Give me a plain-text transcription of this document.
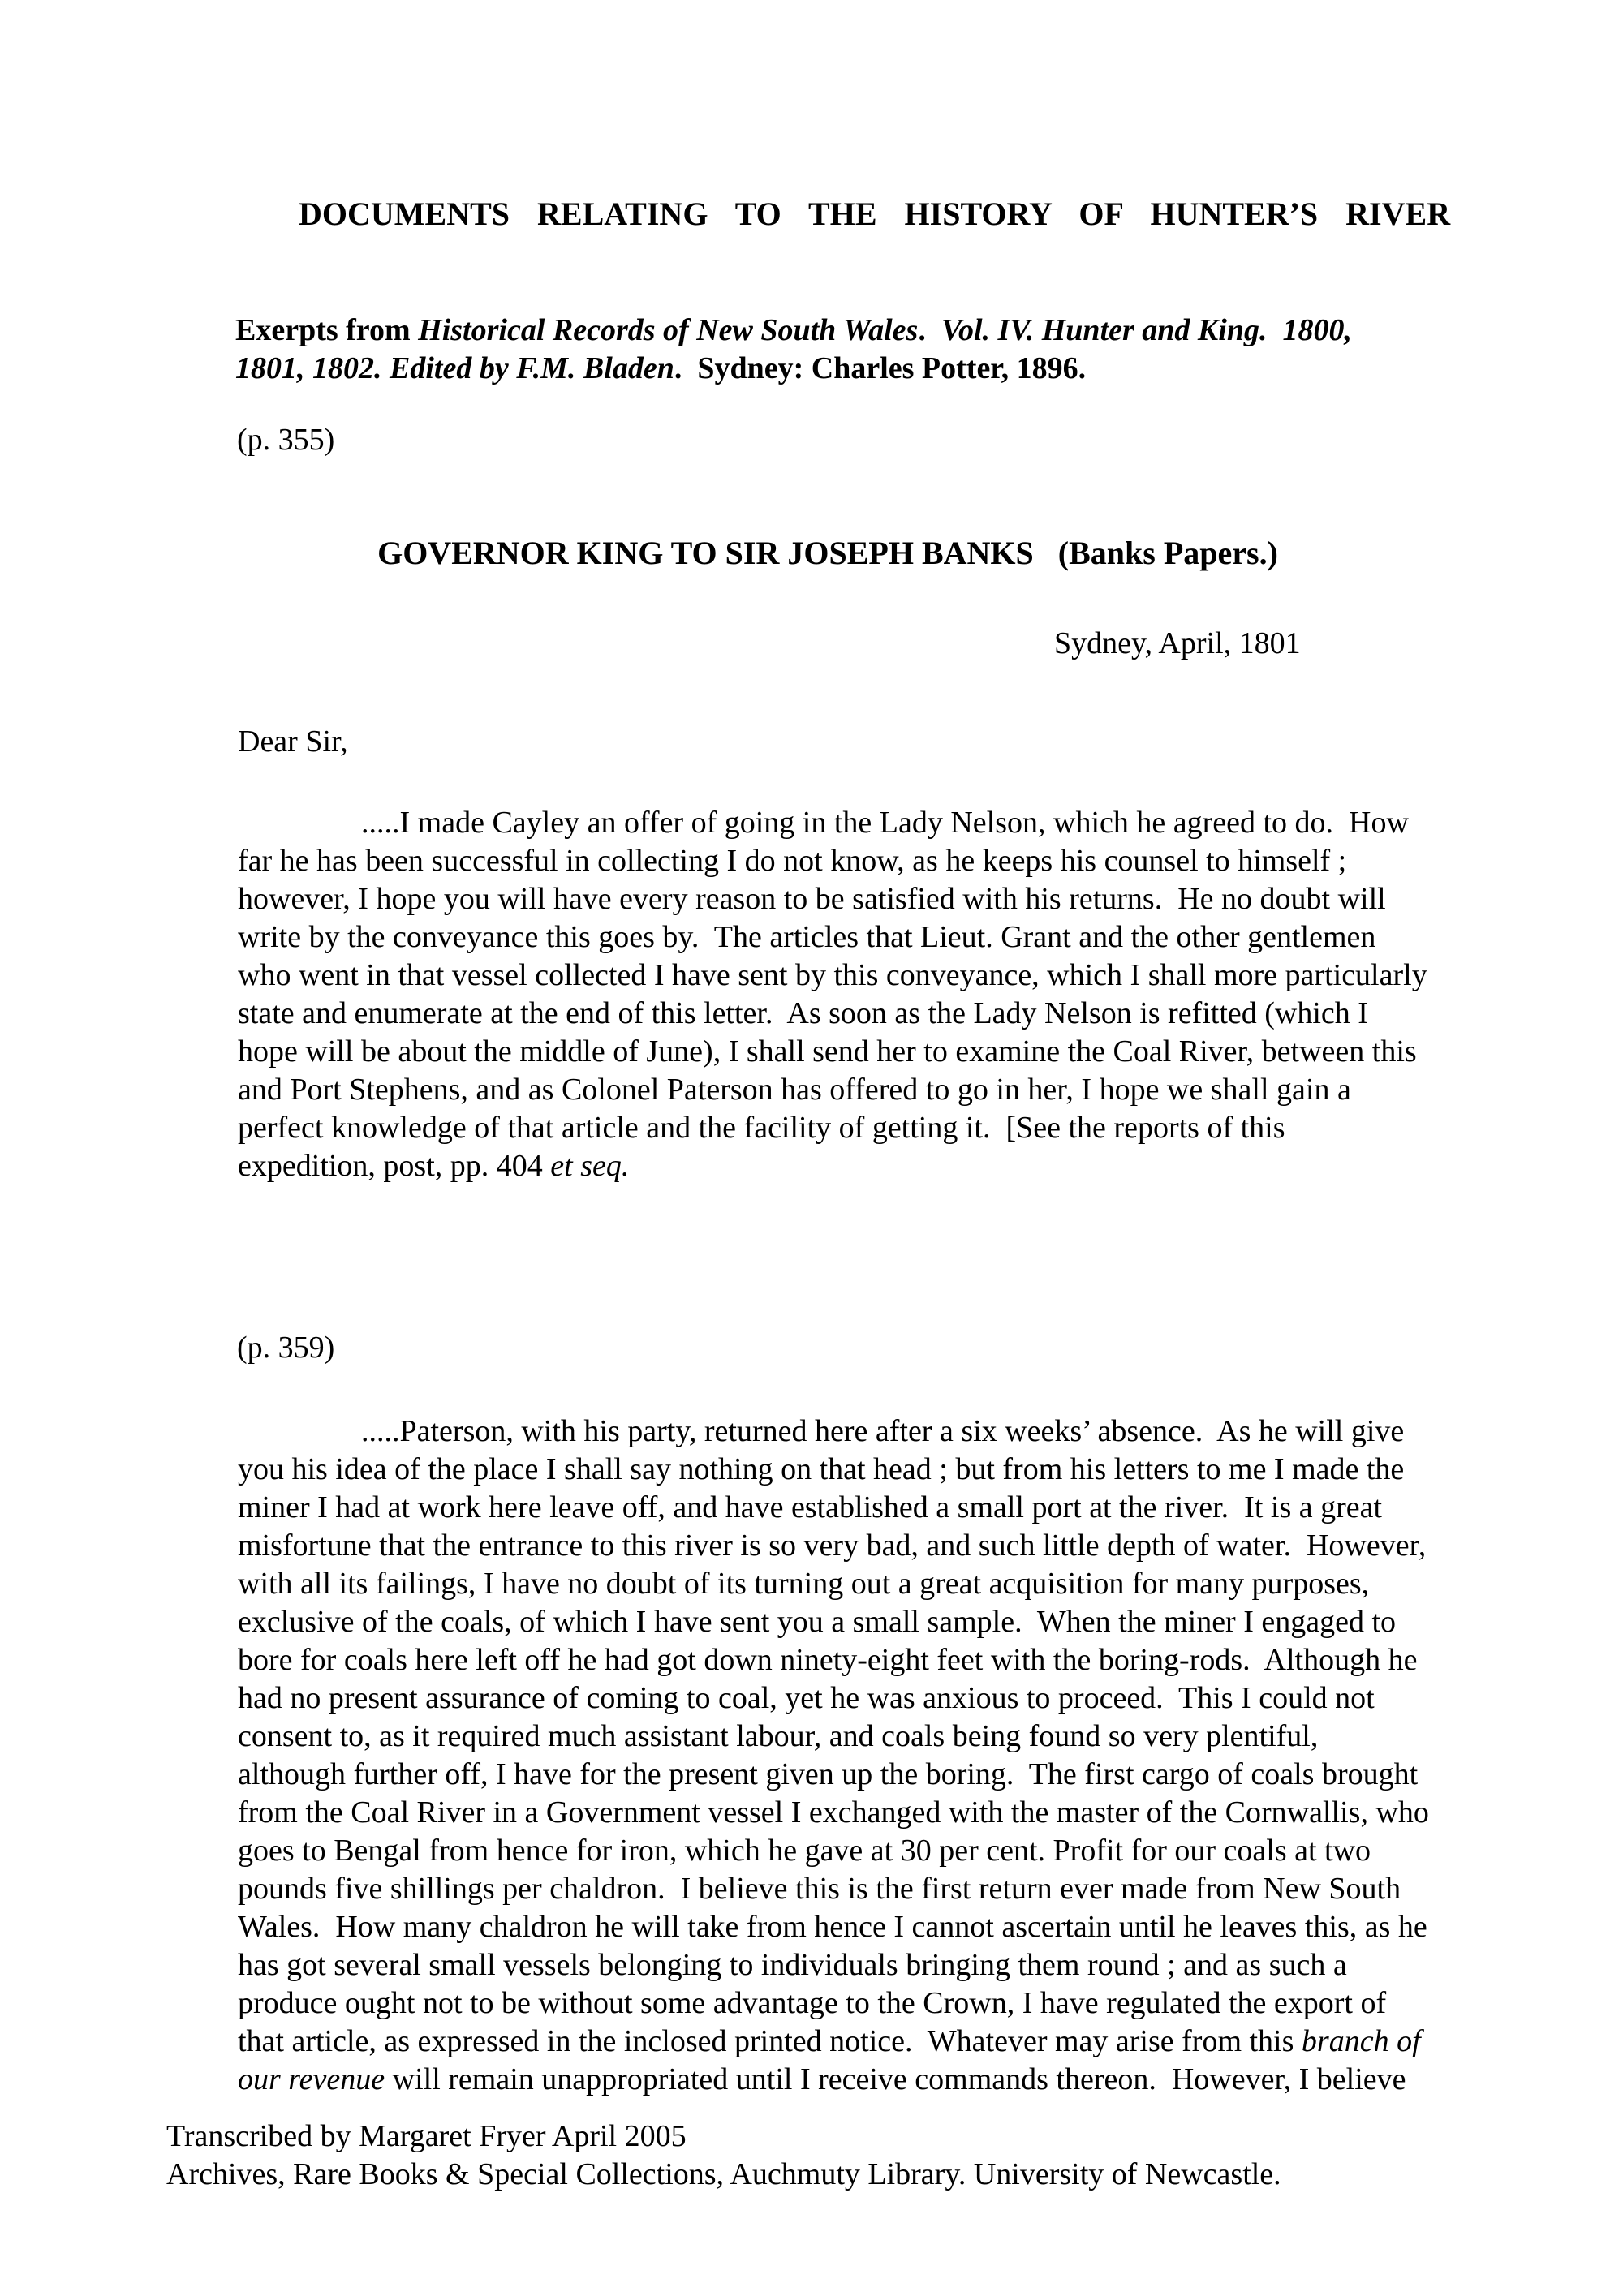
DOCUMENTS  RELATING  TO  THE  HISTORY  OF  HUNTER’S  RIVER
Exerpts from Historical Records of New South Wales.  Vol. IV. Hunter and King.  1800,
1801, 1802. Edited by F.M. Bladen.  Sydney: Charles Potter, 1896.
(p. 355)
GOVERNOR KING TO SIR JOSEPH BANKS   (Banks Papers.)
Sydney, April, 1801
Dear Sir,
.....I made Cayley an offer of going in the Lady Nelson, which he agreed to do.  How
far he has been successful in collecting I do not know, as he keeps his counsel to himself ;
however, I hope you will have every reason to be satisfied with his returns.  He no doubt will
write by the conveyance this goes by.  The articles that Lieut. Grant and the other gentlemen
who went in that vessel collected I have sent by this conveyance, which I shall more particularly
state and enumerate at the end of this letter.  As soon as the Lady Nelson is refitted (which I
hope will be about the middle of June), I shall send her to examine the Coal River, between this
and Port Stephens, and as Colonel Paterson has offered to go in her, I hope we shall gain a
perfect knowledge of that article and the facility of getting it.  [See the reports of this
expedition, post, pp. 404 et seq.
(p. 359)
.....Paterson, with his party, returned here after a six weeks’ absence.  As he will give
you his idea of the place I shall say nothing on that head ; but from his letters to me I made the
miner I had at work here leave off, and have established a small port at the river.  It is a great
misfortune that the entrance to this river is so very bad, and such little depth of water.  However,
with all its failings, I have no doubt of its turning out a great acquisition for many purposes,
exclusive of the coals, of which I have sent you a small sample.  When the miner I engaged to
bore for coals here left off he had got down ninety-eight feet with the boring-rods.  Although he
had no present assurance of coming to coal, yet he was anxious to proceed.  This I could not
consent to, as it required much assistant labour, and coals being found so very plentiful,
although further off, I have for the present given up the boring.  The first cargo of coals brought
from the Coal River in a Government vessel I exchanged with the master of the Cornwallis, who
goes to Bengal from hence for iron, which he gave at 30 per cent. Profit for our coals at two
pounds five shillings per chaldron.  I believe this is the first return ever made from New South
Wales.  How many chaldron he will take from hence I cannot ascertain until he leaves this, as he
has got several small vessels belonging to individuals bringing them round ; and as such a
produce ought not to be without some advantage to the Crown, I have regulated the export of
that article, as expressed in the inclosed printed notice.  Whatever may arise from this branch of
our revenue will remain unappropriated until I receive commands thereon.  However, I believe
Transcribed by Margaret Fryer April 2005
Archives, Rare Books & Special Collections, Auchmuty Library. University of Newcastle.
